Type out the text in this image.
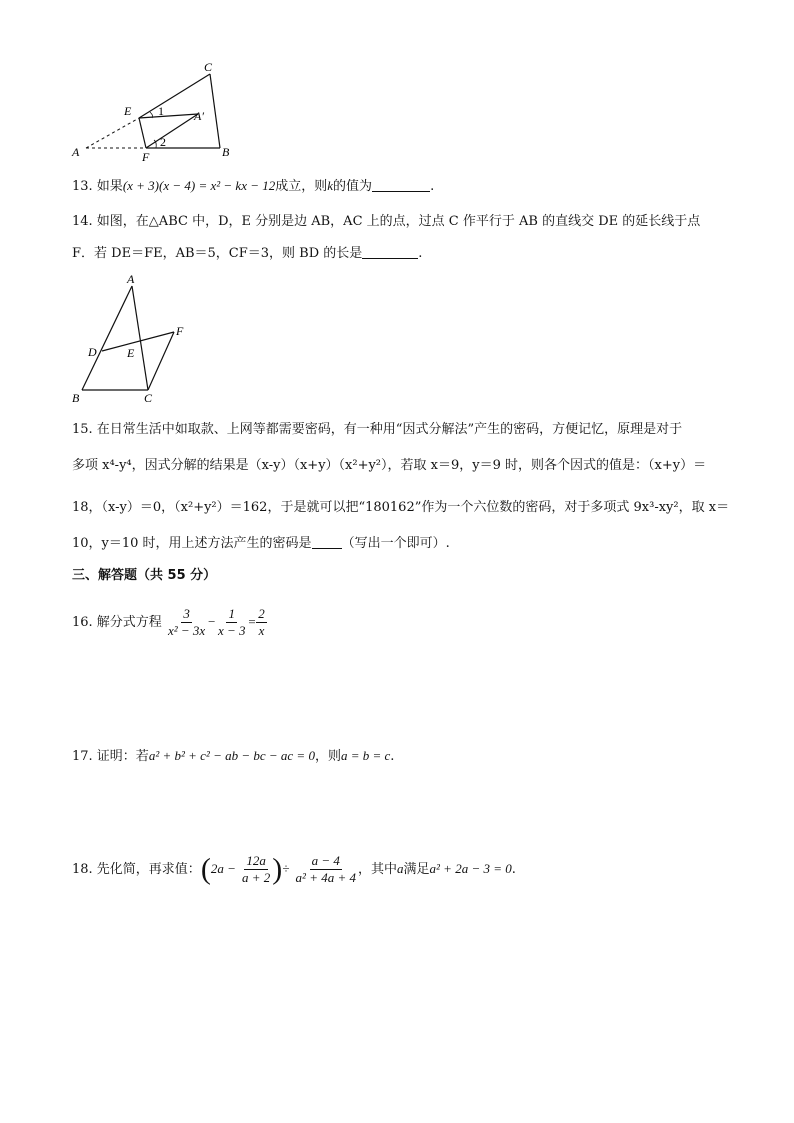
C
E	A′
A	F	B
1
2
13. 如果(x + 3)(x − 4) = x² − kx − 12成立，则k的值为	.
14. 如图，在△ABC 中，D，E 分别是边 AB，AC 上的点，过点 C 作平行于 AB 的直线交 DE 的延长线于点
F．若 DE＝FE，AB＝5，CF＝3，则 BD 的长是	.
A
F
D	E
B	C
15. 在日常生活中如取款、上网等都需要密码，有一种用“因式分解法”产生的密码，方便记忆，原理是对于
多项 x⁴-y⁴，因式分解的结果是（x-y）（x+y）（x²+y²），若取 x＝9，y＝9 时，则各个因式的值是：（x+y）＝
18，（x-y）＝0，（x²+y²）＝162，于是就可以把“180162”作为一个六位数的密码，对于多项式 9x³-xy²，取 x＝
10，y＝10 时，用上述方法产生的密码是 （写出一个即可）.
三、解答题（共 55 分）
16. 解分式方程 $\frac{3}{\text{x² − 3x}} - \frac{1}{x - 3} = \frac{2}{x}$
17. 证明：若a² + b² + c² − ab − bc − ac = 0，则a = b = c.
18. 先化简，再求值：($2a - \frac{12a}{a + 2}$ )÷ $\frac{a - 4}{\text{a² + 4a + 4}}$ ，其中a满足a² + 2a − 3 = 0.
